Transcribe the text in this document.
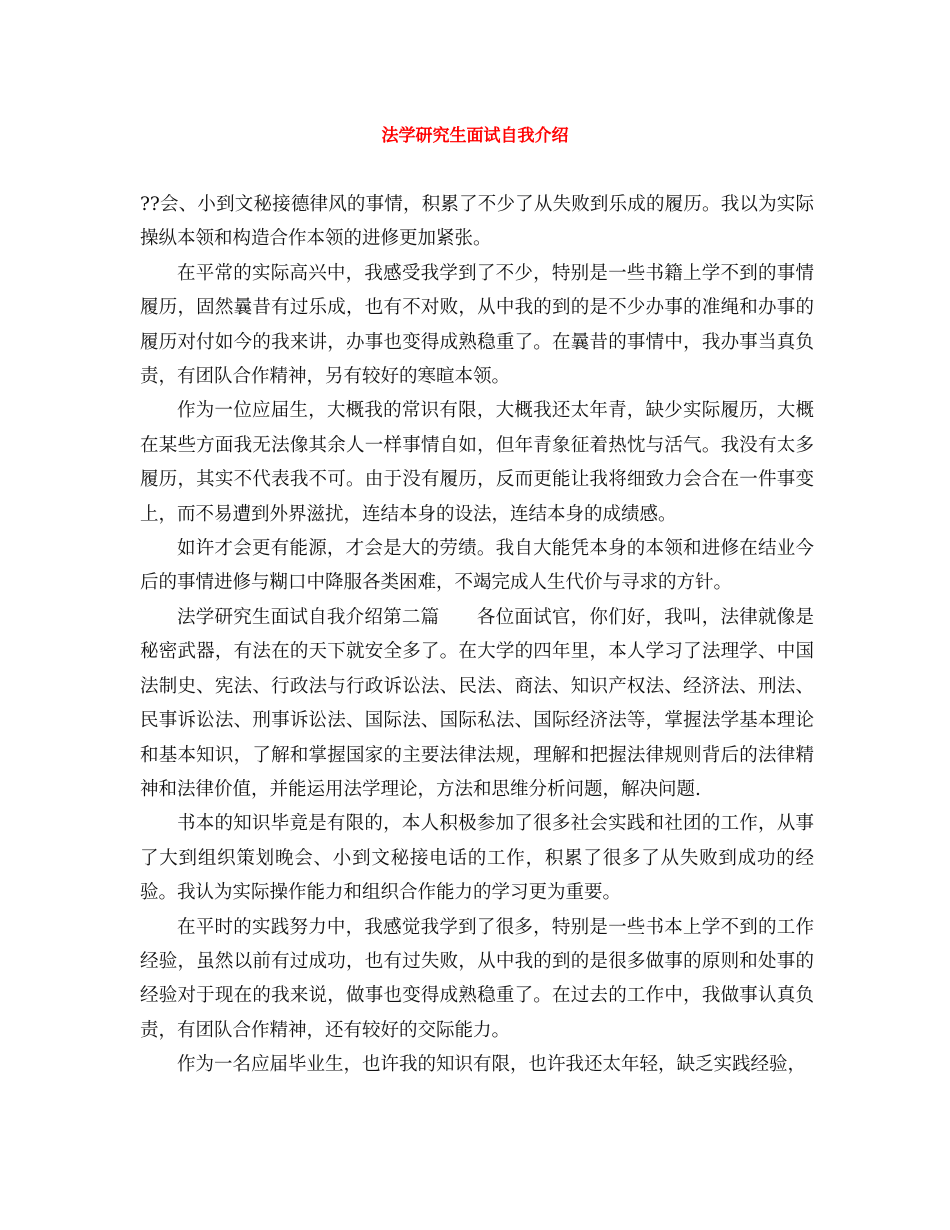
法学研究生面试自我介绍

??会、小到文秘接德律风的事情，积累了不少了从失败到乐成的履历。我以为实际操纵本领和构造合作本领的进修更加紧张。

在平常的实际高兴中，我感受我学到了不少，特别是一些书籍上学不到的事情履历，固然曩昔有过乐成，也有不对败，从中我的到的是不少办事的准绳和办事的履历对付如今的我来讲，办事也变得成熟稳重了。在曩昔的事情中，我办事当真负责，有团队合作精神，另有较好的寒暄本领。

作为一位应届生，大概我的常识有限，大概我还太年青，缺少实际履历，大概在某些方面我无法像其余人一样事情自如，但年青象征着热忱与活气。我没有太多履历，其实不代表我不可。由于没有履历，反而更能让我将细致力会合在一件事变上，而不易遭到外界滋扰，连结本身的设法，连结本身的成绩感。

如许才会更有能源，才会是大的劳绩。我自大能凭本身的本领和进修在结业今后的事情进修与糊口中降服各类困难，不竭完成人生代价与寻求的方针。

法学研究生面试自我介绍第二篇　　各位面试官，你们好，我叫，法律就像是秘密武器，有法在的天下就安全多了。在大学的四年里，本人学习了法理学、中国法制史、宪法、行政法与行政诉讼法、民法、商法、知识产权法、经济法、刑法、民事诉讼法、刑事诉讼法、国际法、国际私法、国际经济法等，掌握法学基本理论和基本知识，了解和掌握国家的主要法律法规，理解和把握法律规则背后的法律精神和法律价值，并能运用法学理论，方法和思维分析问题，解决问题.

书本的知识毕竟是有限的，本人积极参加了很多社会实践和社团的工作，从事了大到组织策划晚会、小到文秘接电话的工作，积累了很多了从失败到成功的经验。我认为实际操作能力和组织合作能力的学习更为重要。

在平时的实践努力中，我感觉我学到了很多，特别是一些书本上学不到的工作经验，虽然以前有过成功，也有过失败，从中我的到的是很多做事的原则和处事的经验对于现在的我来说，做事也变得成熟稳重了。在过去的工作中，我做事认真负责，有团队合作精神，还有较好的交际能力。

作为一名应届毕业生，也许我的知识有限，也许我还太年轻，缺乏实践经验，
